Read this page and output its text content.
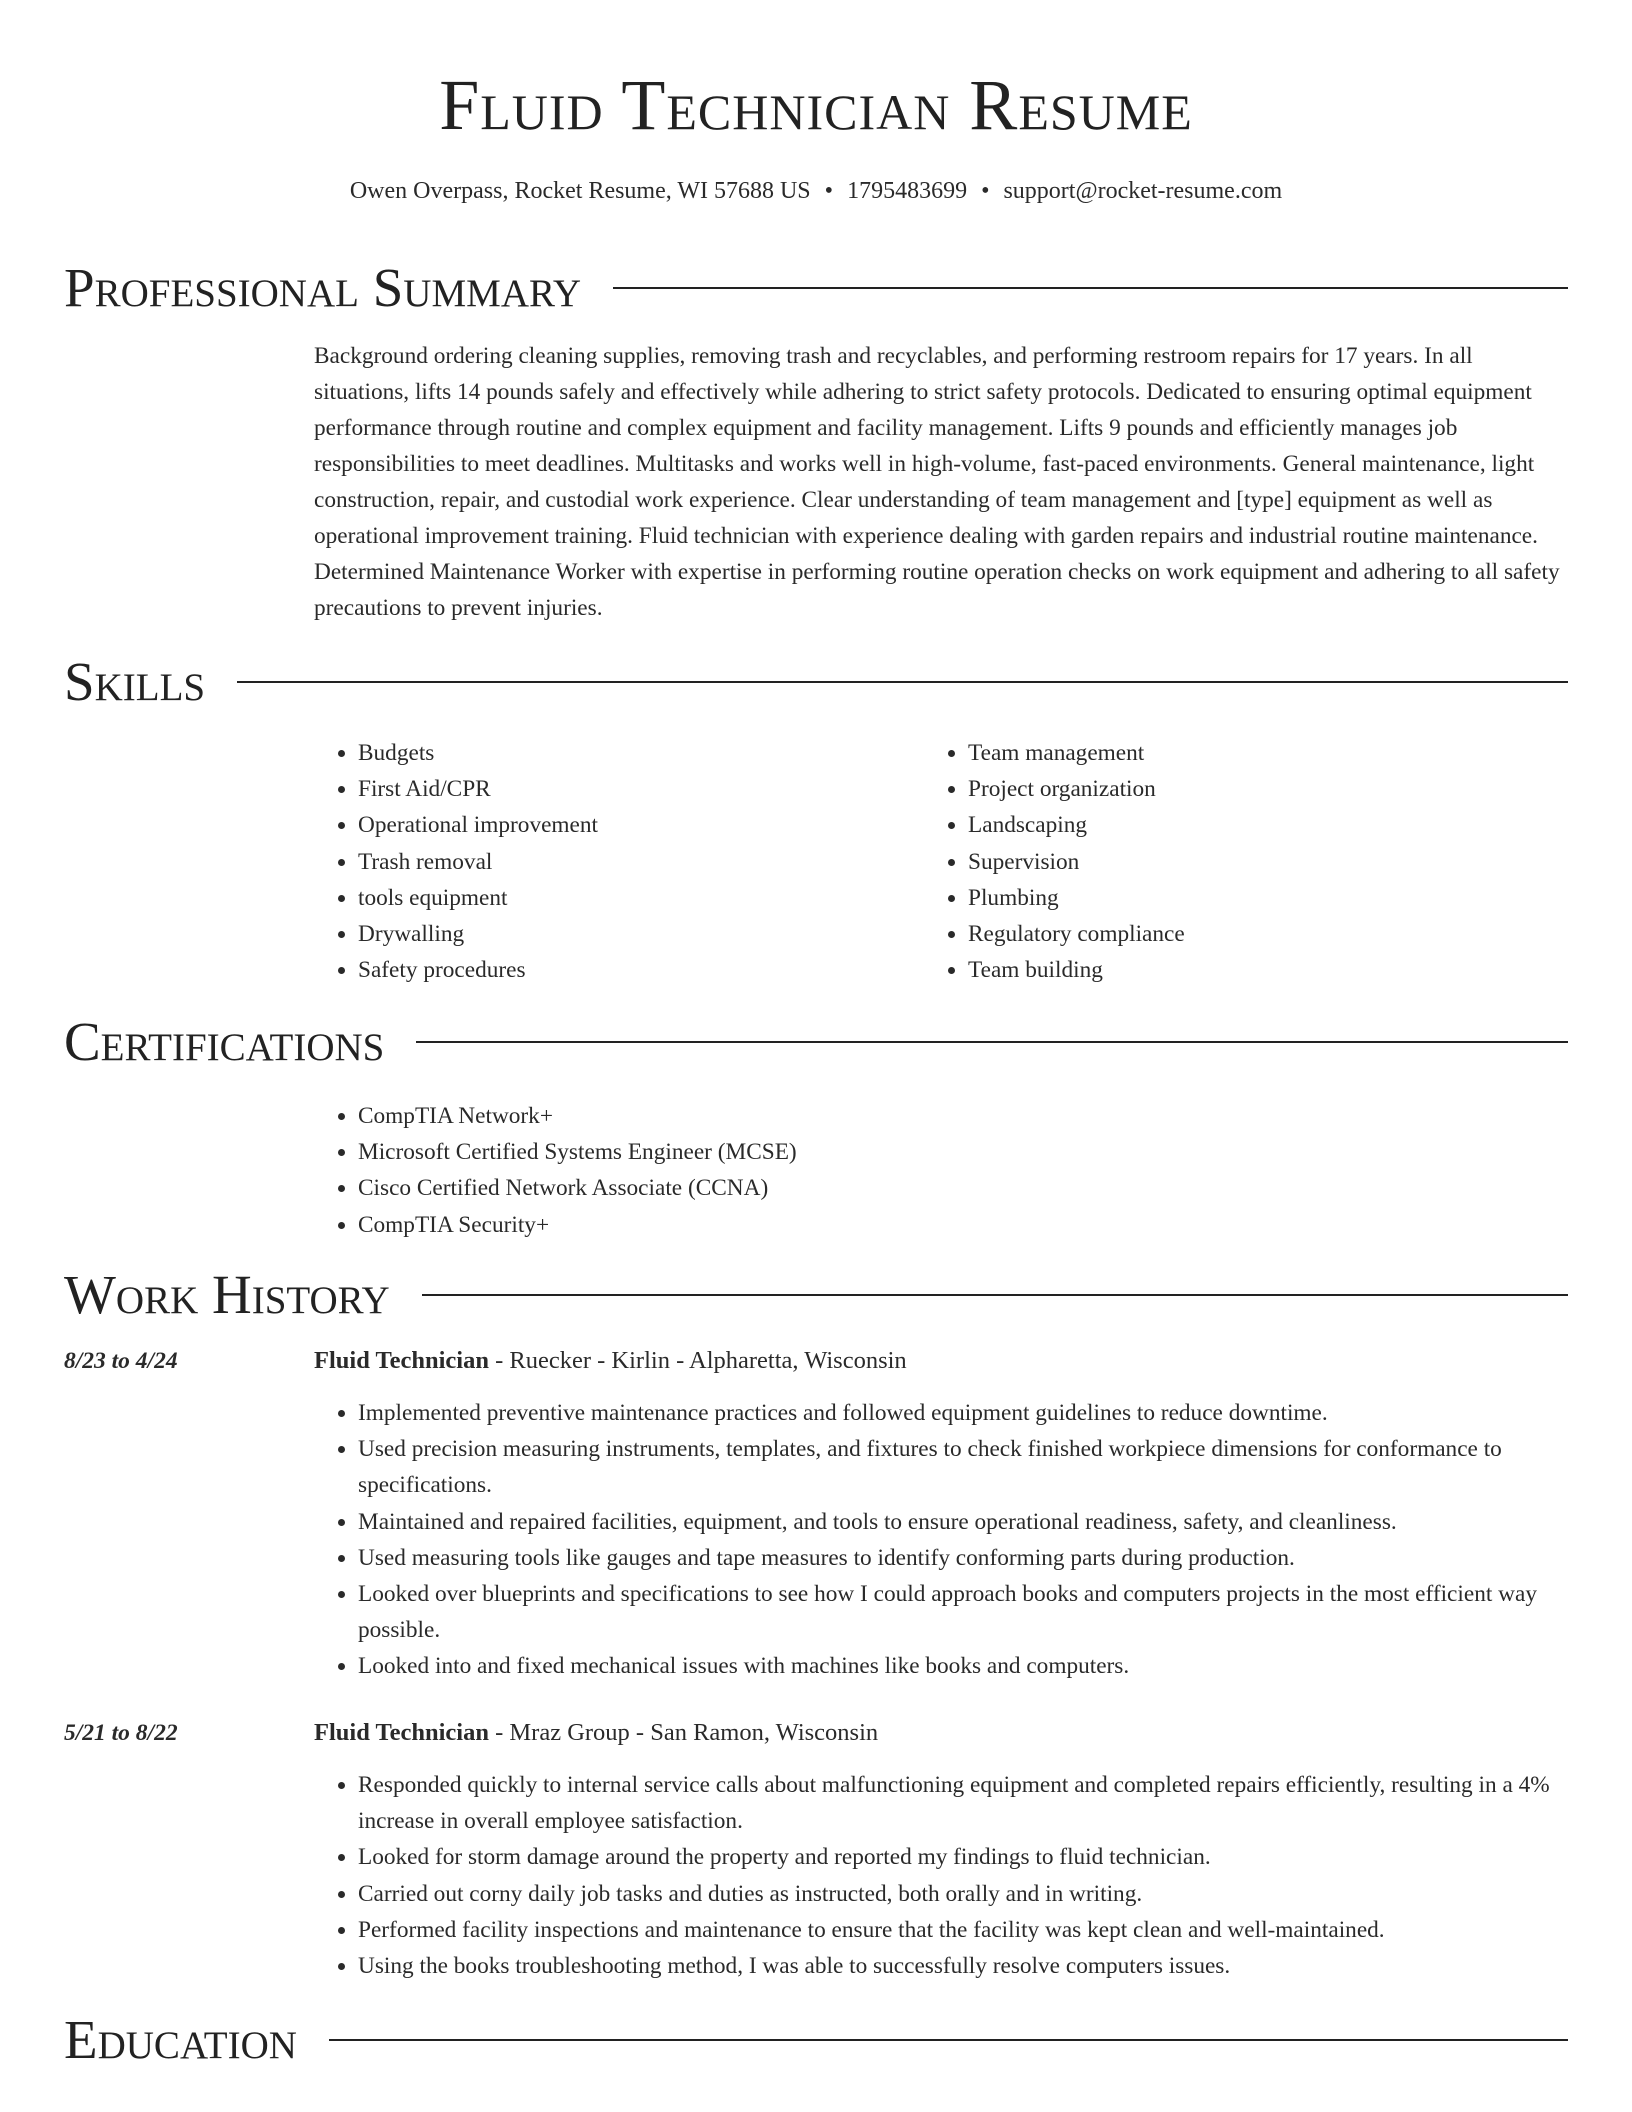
Fluid Technician Resume
Owen Overpass, Rocket Resume, WI 57688 US • 1795483699 • support@rocket-resume.com
Professional Summary

Background ordering cleaning supplies, removing trash and recyclables, and performing restroom repairs for 17 years. In all situations, lifts 14 pounds safely and effectively while adhering to strict safety protocols. Dedicated to ensuring optimal equipment performance through routine and complex equipment and facility management. Lifts 9 pounds and efficiently manages job responsibilities to meet deadlines. Multitasks and works well in high-volume, fast-paced environments. General maintenance, light construction, repair, and custodial work experience. Clear understanding of team management and [type] equipment as well as operational improvement training. Fluid technician with experience dealing with garden repairs and industrial routine maintenance. Determined Maintenance Worker with expertise in performing routine operation checks on work equipment and adhering to all safety precautions to prevent injuries.

Skills
• Budgets
• First Aid/CPR
• Operational improvement
• Trash removal
• tools equipment
• Drywalling
• Safety procedures
• Team management
• Project organization
• Landscaping
• Supervision
• Plumbing
• Regulatory compliance
• Team building
Certifications
• CompTIA Network+
• Microsoft Certified Systems Engineer (MCSE)
• Cisco Certified Network Associate (CCNA)
• CompTIA Security+
Work History
8/23 to 4/24	Fluid Technician - Ruecker - Kirlin - Alpharetta, Wisconsin
• Implemented preventive maintenance practices and followed equipment guidelines to reduce downtime.
• Used precision measuring instruments, templates, and fixtures to check finished workpiece dimensions for conformance to specifications.
• Maintained and repaired facilities, equipment, and tools to ensure operational readiness, safety, and cleanliness.
• Used measuring tools like gauges and tape measures to identify conforming parts during production.
• Looked over blueprints and specifications to see how I could approach books and computers projects in the most efficient way possible.
• Looked into and fixed mechanical issues with machines like books and computers.
5/21 to 8/22	Fluid Technician - Mraz Group - San Ramon, Wisconsin
• Responded quickly to internal service calls about malfunctioning equipment and completed repairs efficiently, resulting in a 4% increase in overall employee satisfaction.
• Looked for storm damage around the property and reported my findings to fluid technician.
• Carried out corny daily job tasks and duties as instructed, both orally and in writing.
• Performed facility inspections and maintenance to ensure that the facility was kept clean and well-maintained.
• Using the books troubleshooting method, I was able to successfully resolve computers issues.
Education
